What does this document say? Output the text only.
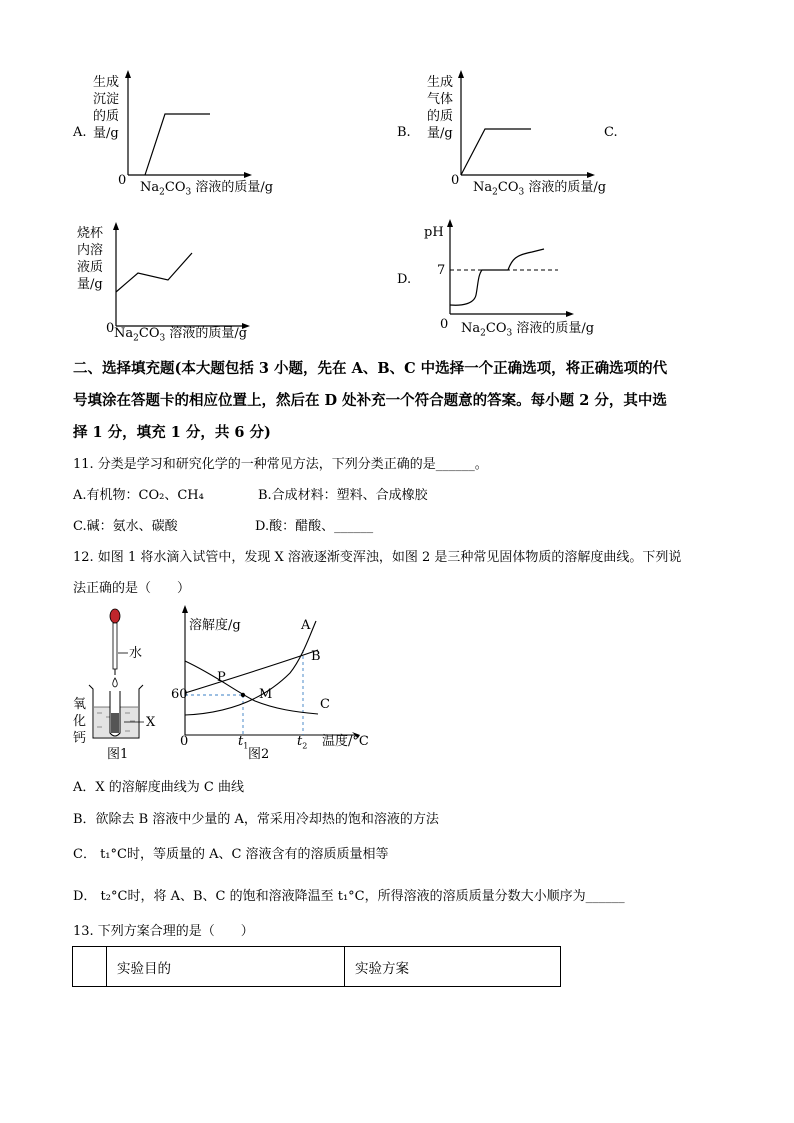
A.
生成
沉淀
的质
量/g
0 $Na_2CO_3$ 溶液的质量/g
B.
生成
气体
的质
量/g
0 $Na_2CO_3$ 溶液的质量/g
C.
烧杯
内溶
液质
量/g
0 $Na_2CO_3$ 溶液的质量/g
D.
pH
7
0 $Na_2CO_3$ 溶液的质量/g
二、选择填充题(本大题包括 3 小题，先在 A、B、C 中选择一个正确选项，将正确选项的代
号填涂在答题卡的相应位置上，然后在 D 处补充一个符合题意的答案。每小题 2 分，其中选
择 1 分，填充 1 分，共 6 分)
11. 分类是学习和研究化学的一种常见方法，下列分类正确的是______。
A.有机物：CO₂、CH₄	B.合成材料：塑料、合成橡胶
C.碱：氨水、碳酸	D.酸：醋酸、______
12. 如图 1 将水滴入试管中，发现 X 溶液逐渐变浑浊，如图 2 是三种常见固体物质的溶解度曲线。下列说
法正确的是（　　）
水
X
氧
化
钙
图1
溶解度/g
60
0	$t_1$	$t_2$ 温度/°C
图2
A
B
C
P
M
A．X 的溶解度曲线为 C 曲线
B．欲除去 B 溶液中少量的 A，常采用冷却热的饱和溶液的方法
C． t₁°C时，等质量的 A、C 溶液含有的溶质质量相等
D． t₂°C时，将 A、B、C 的饱和溶液降温至 t₁°C，所得溶液的溶质质量分数大小顺序为______
13. 下列方案合理的是（　　）
	实验目的	实验方案
